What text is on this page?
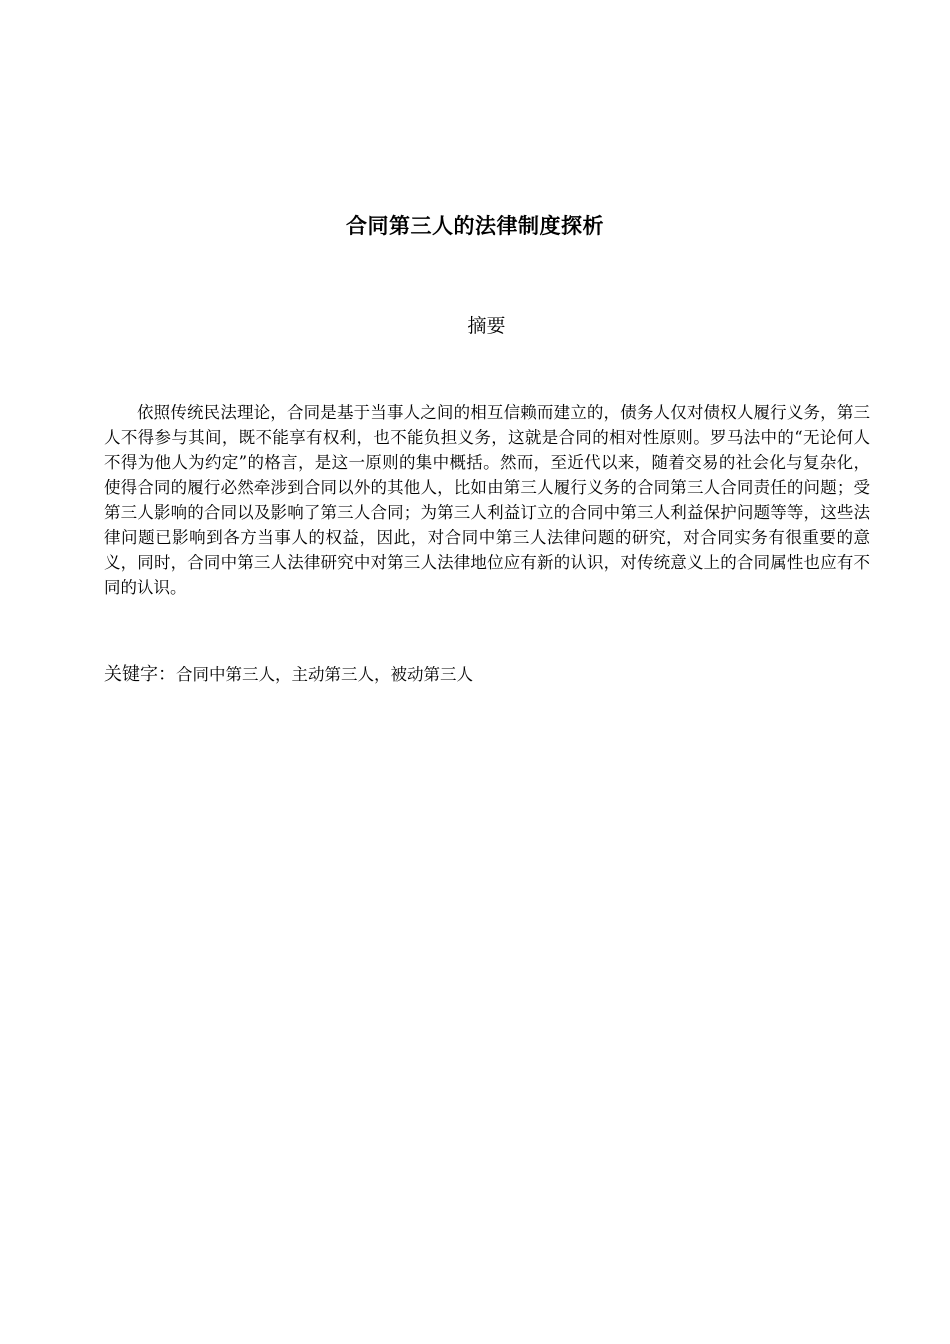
合同第三人的法律制度探析
摘要

依照传统民法理论，合同是基于当事人之间的相互信赖而建立的，债务人仅对债权人履行义务，第三人不得参与其间，既不能享有权利，也不能负担义务，这就是合同的相对性原则。罗马法中的“无论何人不得为他人为约定”的格言，是这一原则的集中概括。然而，至近代以来，随着交易的社会化与复杂化，使得合同的履行必然牵涉到合同以外的其他人，比如由第三人履行义务的合同第三人合同责任的问题；受第三人影响的合同以及影响了第三人合同；为第三人利益订立的合同中第三人利益保护问题等等，这些法律问题已影响到各方当事人的权益，因此，对合同中第三人法律问题的研究，对合同实务有很重要的意义，同时，合同中第三人法律研究中对第三人法律地位应有新的认识，对传统意义上的合同属性也应有不同的认识。

关键字：合同中第三人，主动第三人，被动第三人
